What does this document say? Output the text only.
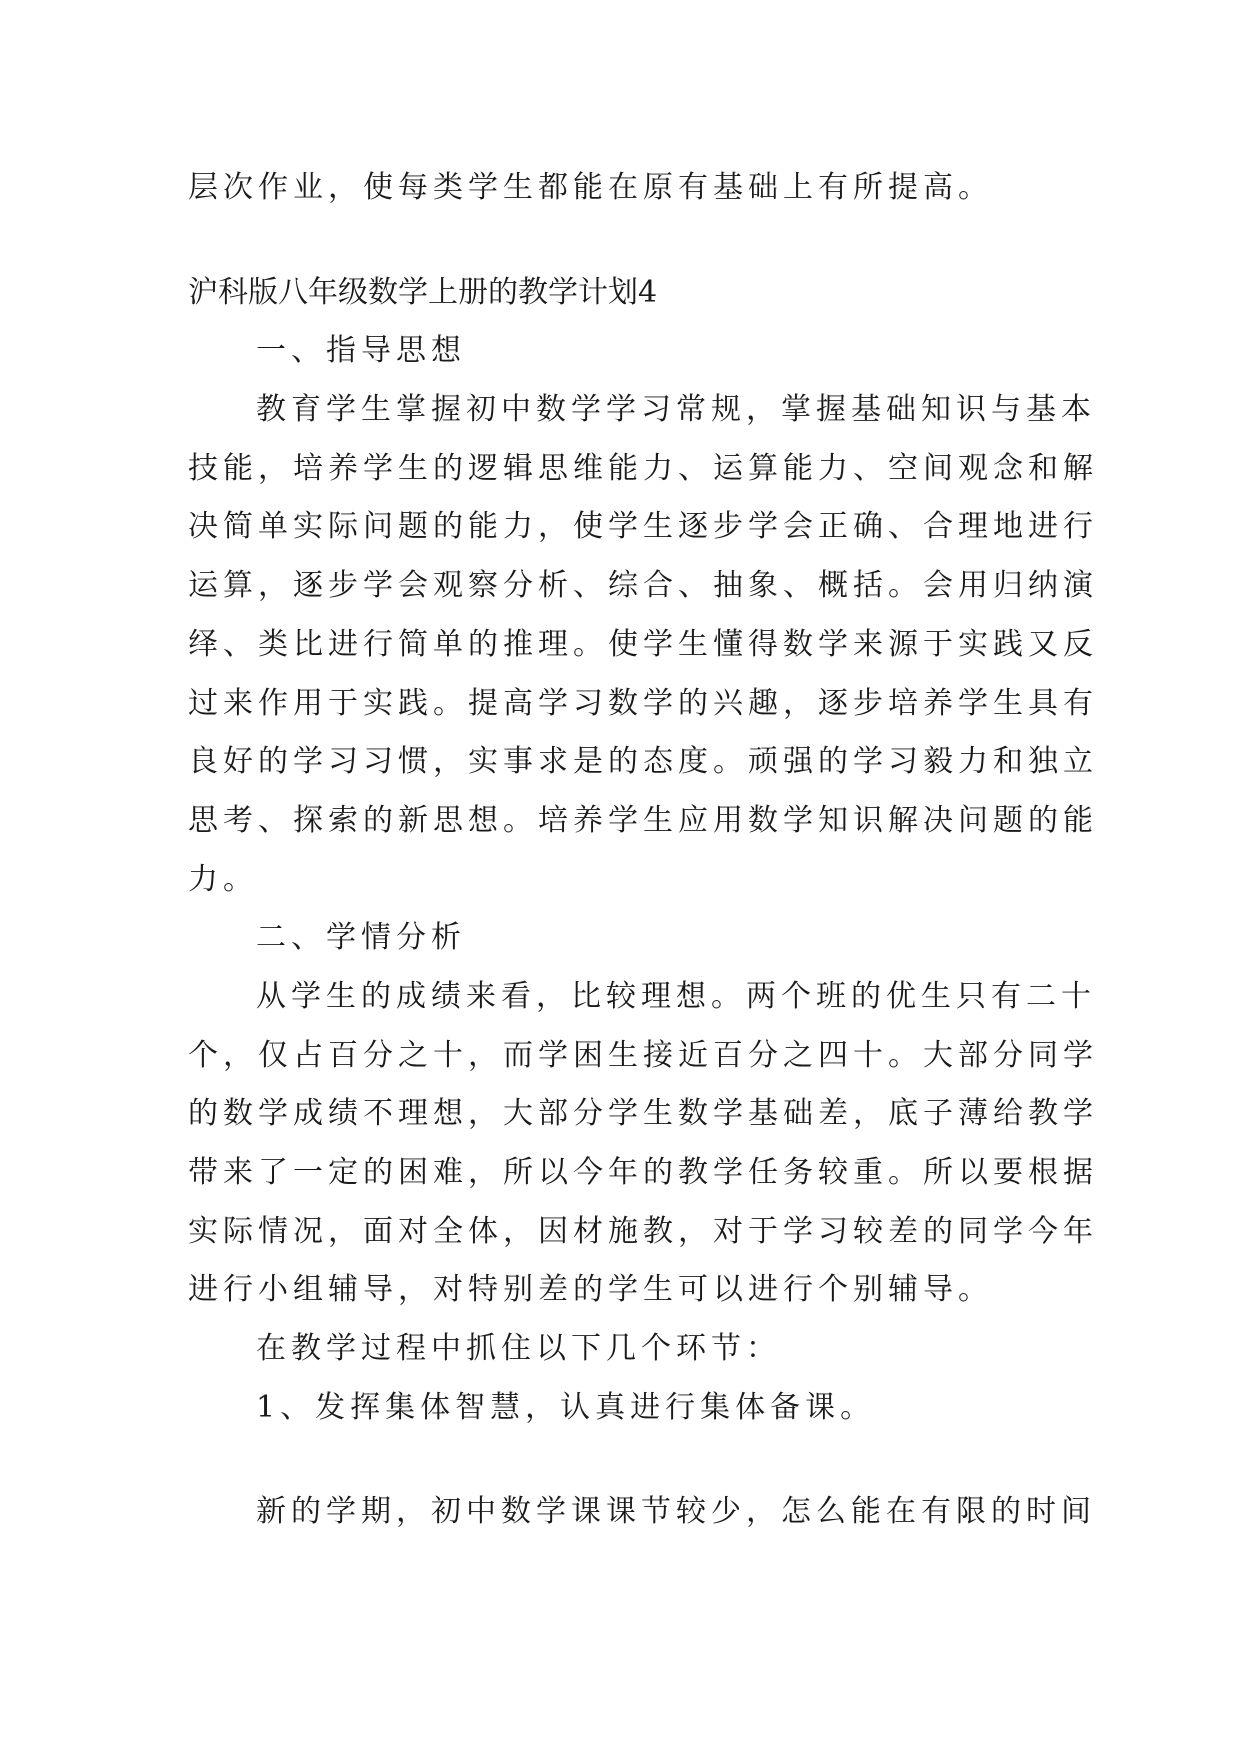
层次作业，使每类学生都能在原有基础上有所提高。
沪科版八年级数学上册的教学计划4
一、指导思想
教育学生掌握初中数学学习常规，掌握基础知识与基本
技能，培养学生的逻辑思维能力、运算能力、空间观念和解
决简单实际问题的能力，使学生逐步学会正确、合理地进行
运算，逐步学会观察分析、综合、抽象、概括。会用归纳演
绎、类比进行简单的推理。使学生懂得数学来源于实践又反
过来作用于实践。提高学习数学的兴趣，逐步培养学生具有
良好的学习习惯，实事求是的态度。顽强的学习毅力和独立
思考、探索的新思想。培养学生应用数学知识解决问题的能
力。
二、学情分析
从学生的成绩来看，比较理想。两个班的优生只有二十
个，仅占百分之十，而学困生接近百分之四十。大部分同学
的数学成绩不理想，大部分学生数学基础差，底子薄给教学
带来了一定的困难，所以今年的教学任务较重。所以要根据
实际情况，面对全体，因材施教，对于学习较差的同学今年
进行小组辅导，对特别差的学生可以进行个别辅导。
在教学过程中抓住以下几个环节：
1、发挥集体智慧，认真进行集体备课。
新的学期，初中数学课课节较少，怎么能在有限的时间
